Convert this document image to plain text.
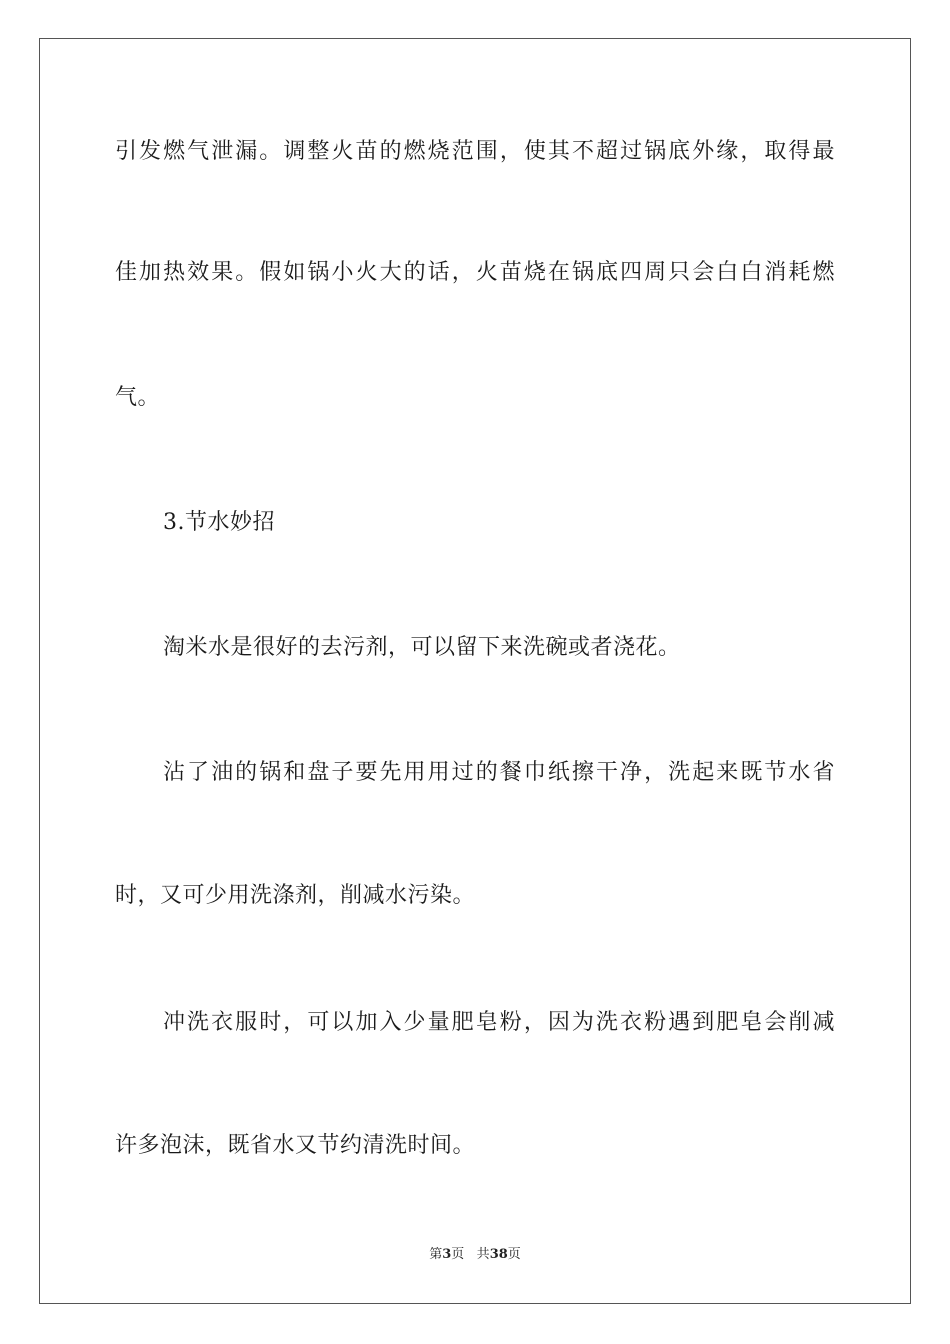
引发燃气泄漏。调整火苗的燃烧范围，使其不超过锅底外缘，取得最
佳加热效果。假如锅小火大的话，火苗烧在锅底四周只会白白消耗燃
气。
3.节水妙招
淘米水是很好的去污剂，可以留下来洗碗或者浇花。
沾了油的锅和盘子要先用用过的餐巾纸擦干净，洗起来既节水省
时，又可少用洗涤剂，削减水污染。
冲洗衣服时，可以加入少量肥皂粉，因为洗衣粉遇到肥皂会削减
许多泡沫，既省水又节约清洗时间。
第3页 共38页
